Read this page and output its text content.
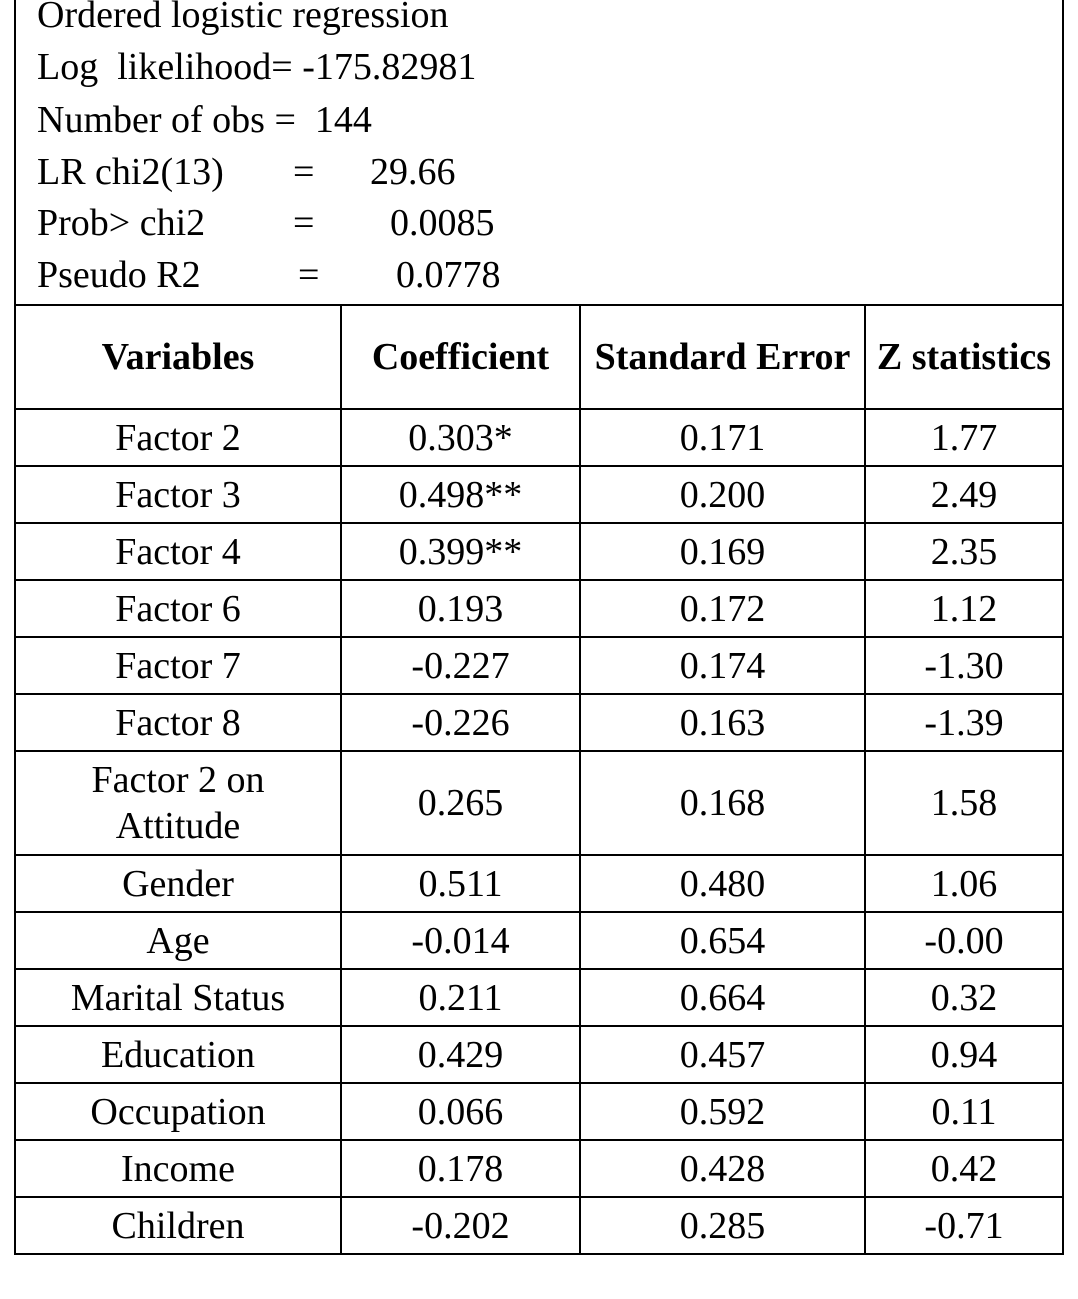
Ordered logistic regression
Log  likelihood= -175.82981
Number of obs =  144
LR chi2(13) = 29.66
Prob> chi2 = 0.0085
Pseudo R2	= 0.0778
Variables	Coefficient	Standard Error	Z statistics
Factor 2	0.303*	0.171	1.77
Factor 3	0.498**	0.200	2.49
Factor 4	0.399**	0.169	2.35
Factor 6	0.193	0.172	1.12
Factor 7	-0.227	0.174	-1.30
Factor 8	-0.226	0.163	-1.39
Factor 2 on Attitude	0.265	0.168	1.58
Gender	0.511	0.480	1.06
Age	-0.014	0.654	-0.00
Marital Status	0.211	0.664	0.32
Education	0.429	0.457	0.94
Occupation	0.066	0.592	0.11
Income	0.178	0.428	0.42
Children	-0.202	0.285	-0.71
